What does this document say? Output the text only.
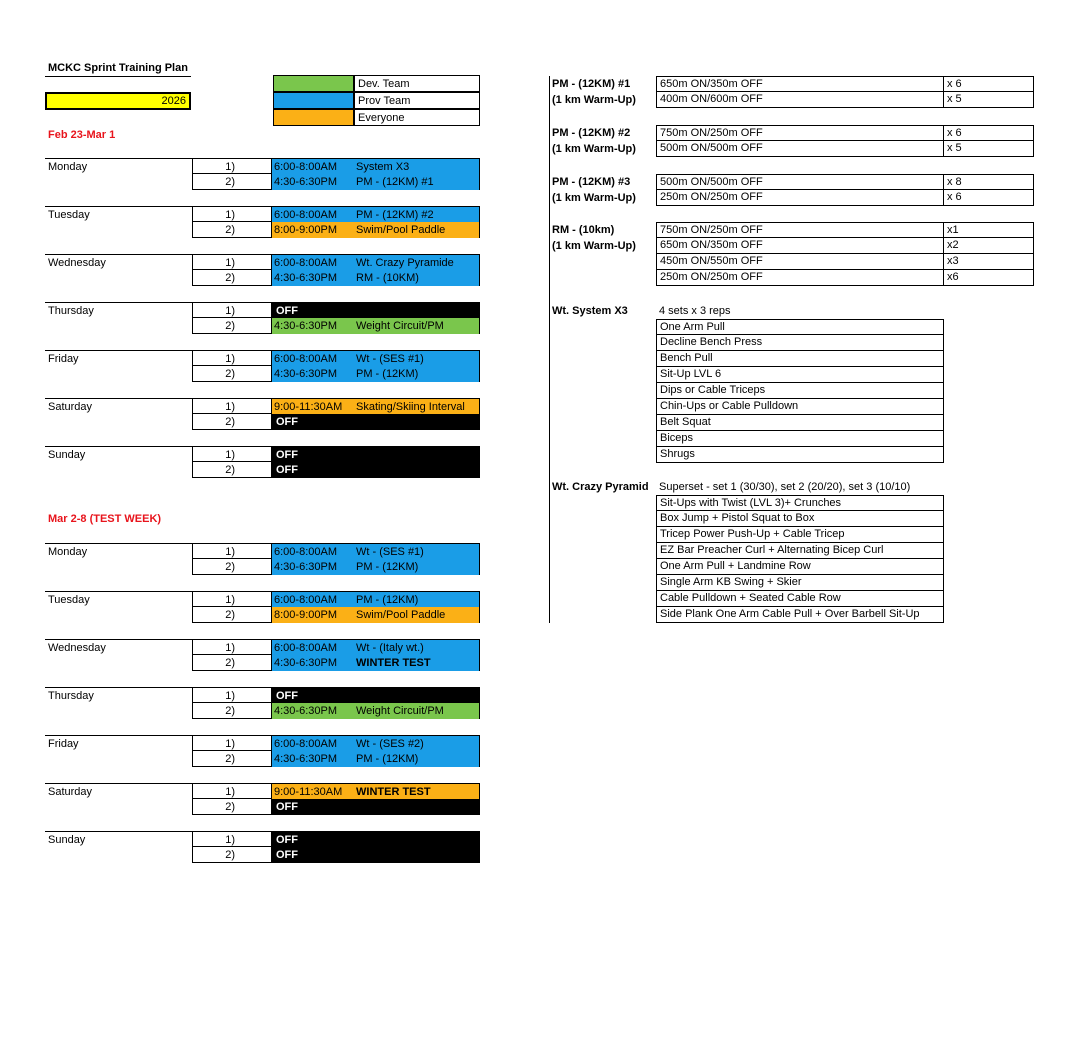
MCKC Sprint Training Plan
2026
Dev. Team
Prov Team
Everyone
Feb 23-Mar 1
Monday	1)	6:00-8:00AM System X3
2)	4:30-6:30PM PM - (12KM) #1
Tuesday	1)	6:00-8:00AM PM - (12KM) #2
2)	8:00-9:00PM Swim/Pool Paddle
Wednesday	1)	6:00-8:00AM Wt. Crazy Pyramide
2)	4:30-6:30PM RM - (10KM)
Thursday	1)	OFF
2)	4:30-6:30PM Weight Circuit/PM
Friday	1)	6:00-8:00AM Wt - (SES #1)
2)	4:30-6:30PM PM - (12KM)
Saturday	1)	9:00-11:30AM Skating/Skiing Interval
2)	OFF
Sunday	1)	OFF
2)	OFF
Mar 2-8 (TEST WEEK)
Monday	1)	6:00-8:00AM Wt - (SES #1)
2)	4:30-6:30PM PM - (12KM)
Tuesday	1)	6:00-8:00AM PM - (12KM)
2)	8:00-9:00PM Swim/Pool Paddle
Wednesday	1)	6:00-8:00AM Wt - (Italy wt.)
2)	4:30-6:30PM WINTER TEST
Thursday	1)	OFF
2)	4:30-6:30PM Weight Circuit/PM
Friday	1)	6:00-8:00AM Wt - (SES #2)
2)	4:30-6:30PM PM - (12KM)
Saturday	1)	9:00-11:30AM WINTER TEST
2)	OFF
Sunday	1)	OFF
2)	OFF
PM - (12KM) #1
(1 km Warm-Up)
650m ON/350m OFF	x 6
400m ON/600m OFF	x 5
PM - (12KM) #2
(1 km Warm-Up)
750m ON/250m OFF	x 6
500m ON/500m OFF	x 5
PM - (12KM) #3
(1 km Warm-Up)
500m ON/500m OFF	x 8
250m ON/250m OFF	x 6
RM - (10km)
(1 km Warm-Up)
750m ON/250m OFF	x1
650m ON/350m OFF	x2
450m ON/550m OFF	x3
250m ON/250m OFF	x6
Wt. System X3	4 sets x 3 reps
One Arm Pull
Decline Bench Press
Bench Pull
Sit-Up LVL 6
Dips or Cable Triceps
Chin-Ups or Cable Pulldown
Belt Squat
Biceps
Shrugs
Wt. Crazy Pyramid Superset - set 1 (30/30), set 2 (20/20), set 3 (10/10)
Sit-Ups with Twist (LVL 3)+ Crunches
Box Jump + Pistol Squat to Box
Tricep Power Push-Up + Cable Tricep
EZ Bar Preacher Curl + Alternating Bicep Curl
One Arm Pull + Landmine Row
Single Arm KB Swing + Skier
Cable Pulldown + Seated Cable Row
Side Plank One Arm Cable Pull + Over Barbell Sit-Up
